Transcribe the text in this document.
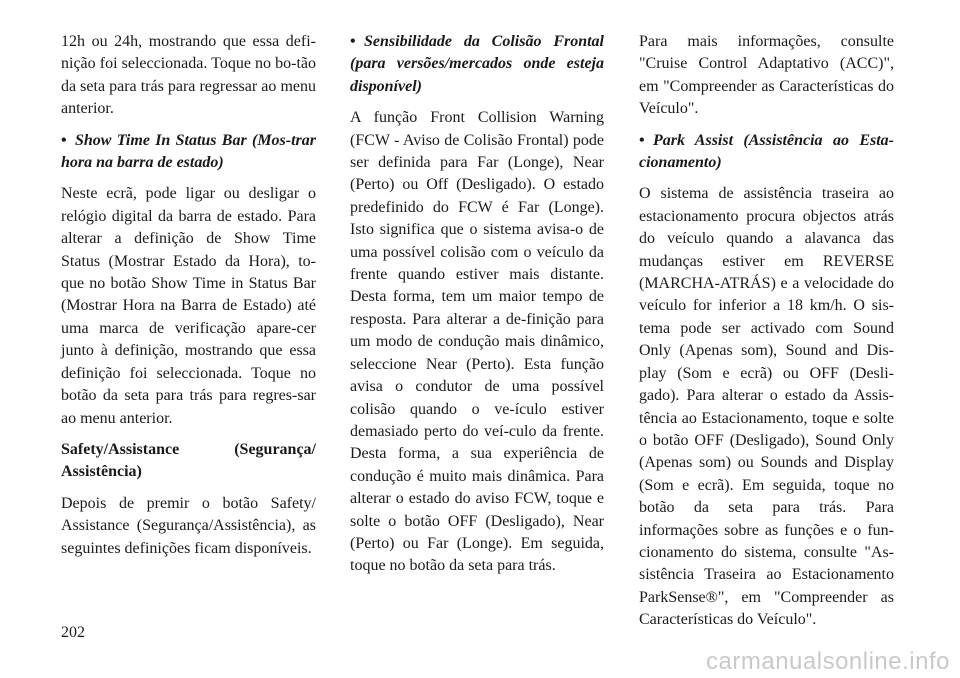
12h ou 24h, mostrando que essa defi-nição foi seleccionada. Toque no bo-tão da seta para trás para regressar ao menu anterior.

• Show Time In Status Bar (Mos-trar hora na barra de estado)

Neste ecrã, pode ligar ou desligar o relógio digital da barra de estado. Para alterar a definição de Show Time Status (Mostrar Estado da Hora), to-que no botão Show Time in Status Bar (Mostrar Hora na Barra de Estado) até uma marca de verificação apare-cer junto à definição, mostrando que essa definição foi seleccionada. Toque no botão da seta para trás para regres-sar ao menu anterior.

Safety/Assistance (Segurança/ Assistência)

Depois de premir o botão Safety/ Assistance (Segurança/Assistência), as seguintes definições ficam disponíveis.

• Sensibilidade da Colisão Frontal (para versões/mercados onde esteja disponível)

A função Front Collision Warning (FCW - Aviso de Colisão Frontal) pode ser definida para Far (Longe), Near (Perto) ou Off (Desligado). O estado predefinido do FCW é Far (Longe). Isto significa que o sistema avisa-o de uma possível colisão com o veículo da frente quando estiver mais distante. Desta forma, tem um maior tempo de resposta. Para alterar a de-finição para um modo de condução mais dinâmico, seleccione Near (Perto). Esta função avisa o condutor de uma possível colisão quando o ve-ículo estiver demasiado perto do veí-culo da frente. Desta forma, a sua experiência de condução é muito mais dinâmica. Para alterar o estado do aviso FCW, toque e solte o botão OFF (Desligado), Near (Perto) ou Far (Longe). Em seguida, toque no botão da seta para trás.

Para mais informações, consulte "Cruise Control Adaptativo (ACC)", em "Compreender as Características do Veículo".

• Park Assist (Assistência ao Esta-cionamento)

O sistema de assistência traseira ao estacionamento procura objectos atrás do veículo quando a alavanca das mudanças estiver em REVERSE (MARCHA-ATRÁS) e a velocidade do veículo for inferior a 18 km/h. O sis-tema pode ser activado com Sound Only (Apenas som), Sound and Dis-play (Som e ecrã) ou OFF (Desli-gado). Para alterar o estado da Assis-tência ao Estacionamento, toque e solte o botão OFF (Desligado), Sound Only (Apenas som) ou Sounds and Display (Som e ecrã). Em seguida, toque no botão da seta para trás. Para informações sobre as funções e o fun-cionamento do sistema, consulte "As-sistência Traseira ao Estacionamento ParkSense®", em "Compreender as Características do Veículo".

202
carmanualsonline.info
